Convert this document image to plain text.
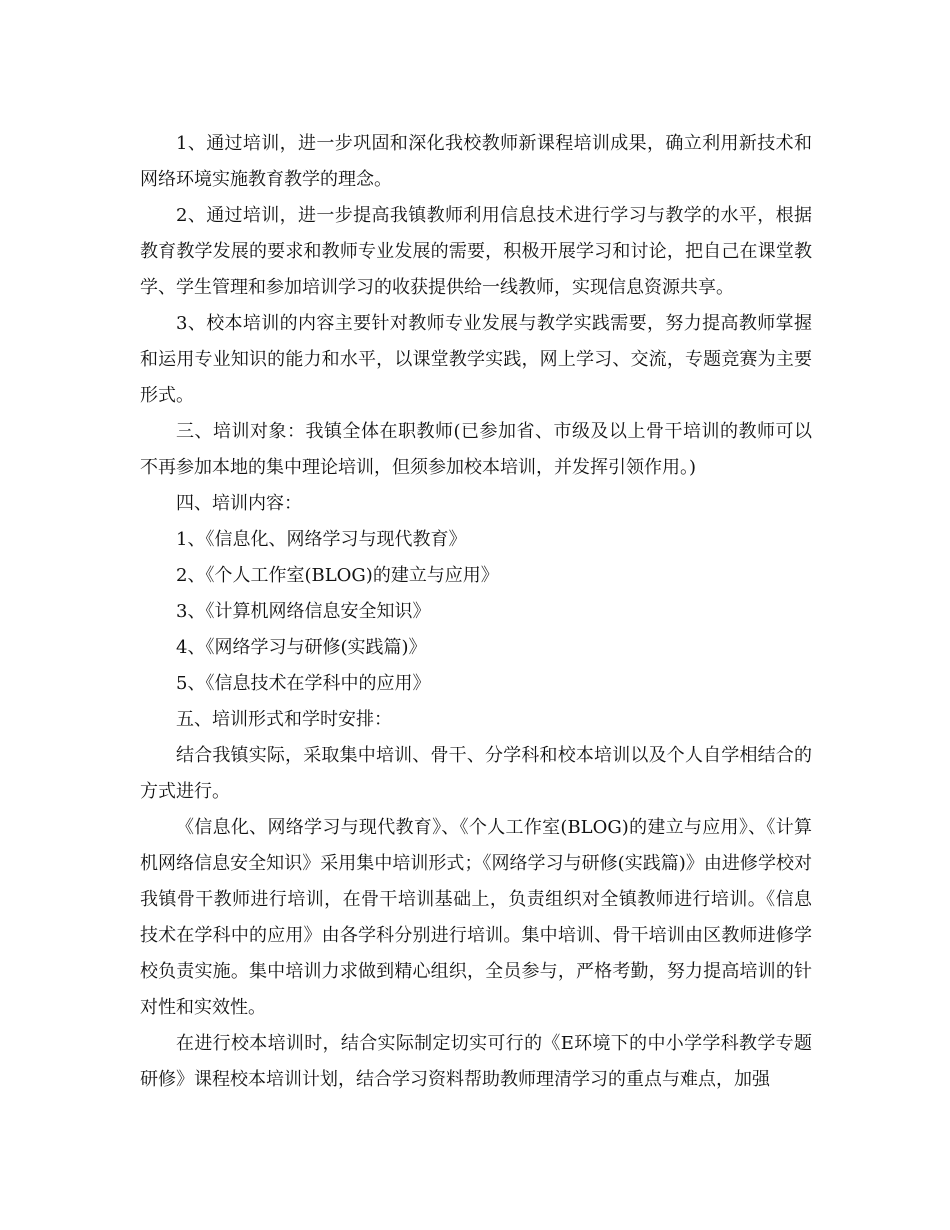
1、通过培训，进一步巩固和深化我校教师新课程培训成果，确立利用新技术和网络环境实施教育教学的理念。

2、通过培训，进一步提高我镇教师利用信息技术进行学习与教学的水平，根据教育教学发展的要求和教师专业发展的需要，积极开展学习和讨论，把自己在课堂教学、学生管理和参加培训学习的收获提供给一线教师，实现信息资源共享。

3、校本培训的内容主要针对教师专业发展与教学实践需要，努力提高教师掌握和运用专业知识的能力和水平，以课堂教学实践，网上学习、交流，专题竞赛为主要形式。

三、培训对象：我镇全体在职教师(已参加省、市级及以上骨干培训的教师可以不再参加本地的集中理论培训，但须参加校本培训，并发挥引领作用。)

四、培训内容：

1、《信息化、网络学习与现代教育》

2、《个人工作室(BLOG)的建立与应用》

3、《计算机网络信息安全知识》

4、《网络学习与研修(实践篇)》

5、《信息技术在学科中的应用》

五、培训形式和学时安排：

结合我镇实际，采取集中培训、骨干、分学科和校本培训以及个人自学相结合的方式进行。

《信息化、网络学习与现代教育》、《个人工作室(BLOG)的建立与应用》、《计算机网络信息安全知识》采用集中培训形式；《网络学习与研修(实践篇)》由进修学校对我镇骨干教师进行培训，在骨干培训基础上，负责组织对全镇教师进行培训。《信息技术在学科中的应用》由各学科分别进行培训。集中培训、骨干培训由区教师进修学校负责实施。集中培训力求做到精心组织，全员参与，严格考勤，努力提高培训的针对性和实效性。

在进行校本培训时，结合实际制定切实可行的《E环境下的中小学学科教学专题研修》课程校本培训计划，结合学习资料帮助教师理清学习的重点与难点，加强
